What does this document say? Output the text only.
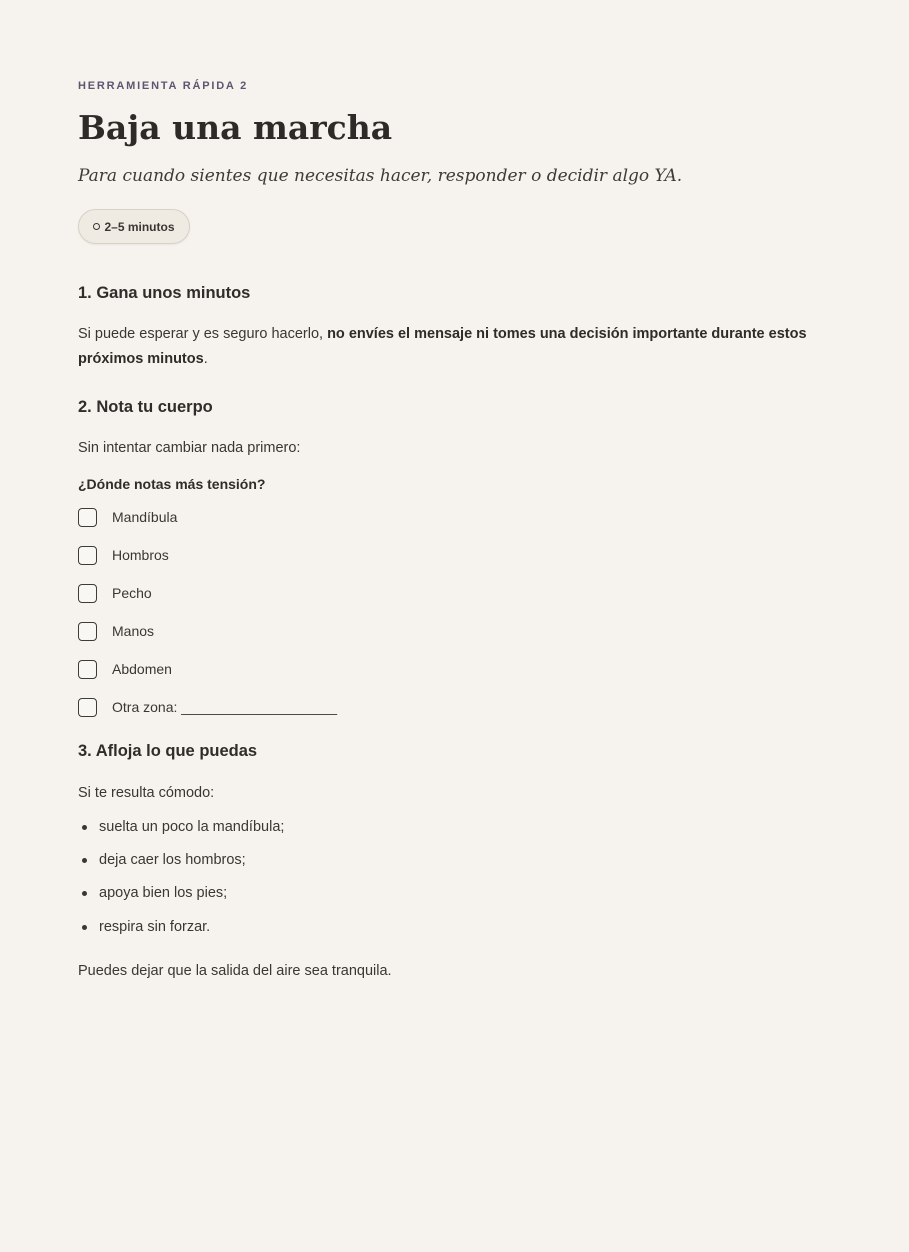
HERRAMIENTA RÁPIDA 2
Baja una marcha
Para cuando sientes que necesitas hacer, responder o decidir algo YA.
2–5 minutos
1. Gana unos minutos
Si puede esperar y es seguro hacerlo, no envíes el mensaje ni tomes una decisión importante durante estos próximos minutos.
2. Nota tu cuerpo
Sin intentar cambiar nada primero:
¿Dónde notas más tensión?
Mandíbula
Hombros
Pecho
Manos
Abdomen
Otra zona: ____________________
3. Afloja lo que puedas
Si te resulta cómodo:
suelta un poco la mandíbula;
deja caer los hombros;
apoya bien los pies;
respira sin forzar.
Puedes dejar que la salida del aire sea tranquila.
